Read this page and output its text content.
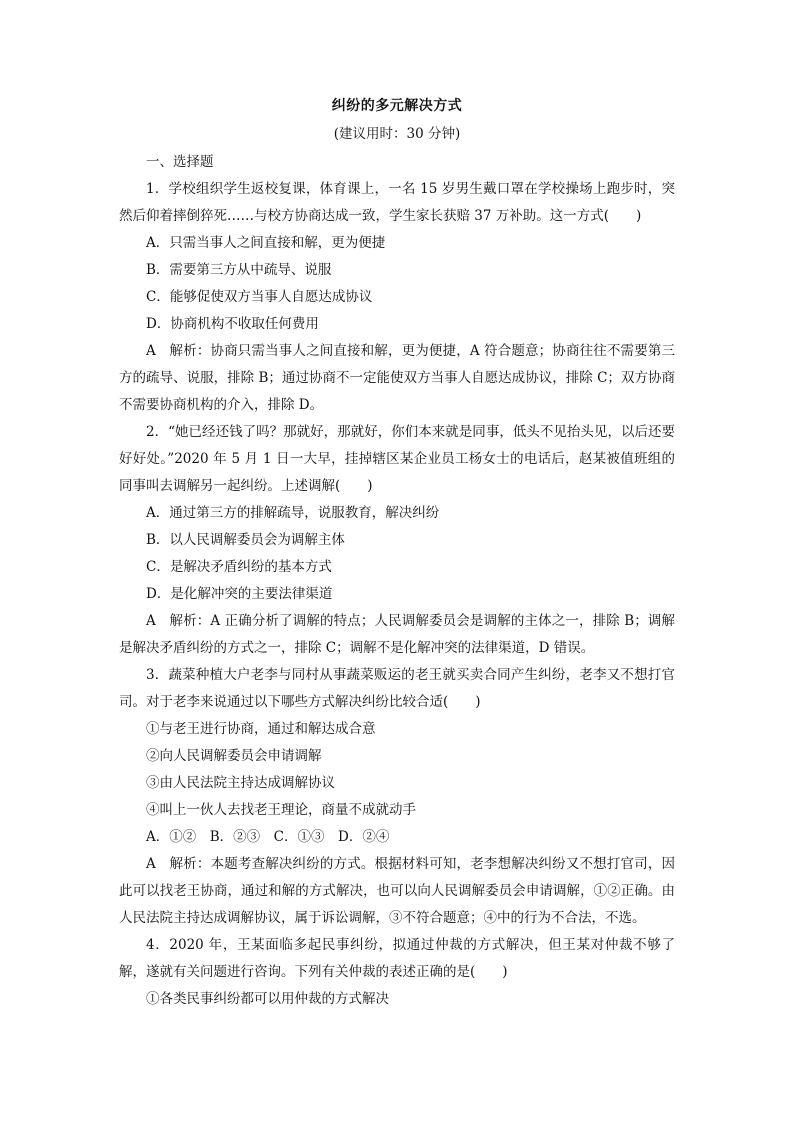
纠纷的多元解决方式
(建议用时：30 分钟)

一、选择题

1．学校组织学生返校复课，体育课上，一名 15 岁男生戴口罩在学校操场上跑步时，突然后仰着摔倒猝死……与校方协商达成一致，学生家长获赔 37 万补助。这一方式(　　)

A．只需当事人之间直接和解，更为便捷

B．需要第三方从中疏导、说服

C．能够促使双方当事人自愿达成协议

D．协商机构不收取任何费用

A　解析：协商只需当事人之间直接和解，更为便捷，A 符合题意；协商往往不需要第三方的疏导、说服，排除 B；通过协商不一定能使双方当事人自愿达成协议，排除 C；双方协商不需要协商机构的介入，排除 D。

2．“她已经还钱了吗？那就好，那就好，你们本来就是同事，低头不见抬头见，以后还要好好处。”2020 年 5 月 1 日一大早，挂掉辖区某企业员工杨女士的电话后，赵某被值班组的同事叫去调解另一起纠纷。上述调解(　　)

A．通过第三方的排解疏导，说服教育，解决纠纷

B．以人民调解委员会为调解主体

C．是解决矛盾纠纷的基本方式

D．是化解冲突的主要法律渠道

A　解析：A 正确分析了调解的特点；人民调解委员会是调解的主体之一，排除 B；调解是解决矛盾纠纷的方式之一，排除 C；调解不是化解冲突的法律渠道，D 错误。

3．蔬菜种植大户老李与同村从事蔬菜贩运的老王就买卖合同产生纠纷，老李又不想打官司。对于老李来说通过以下哪些方式解决纠纷比较合适(　　)

①与老王进行协商，通过和解达成合意

②向人民调解委员会申请调解

③由人民法院主持达成调解协议

④叫上一伙人去找老王理论，商量不成就动手

A．①②　B．②③　C．①③　D．②④

A　解析：本题考查解决纠纷的方式。根据材料可知，老李想解决纠纷又不想打官司，因此可以找老王协商，通过和解的方式解决，也可以向人民调解委员会申请调解，①②正确。由人民法院主持达成调解协议，属于诉讼调解，③不符合题意；④中的行为不合法，不选。

4．2020 年，王某面临多起民事纠纷，拟通过仲裁的方式解决，但王某对仲裁不够了解，遂就有关问题进行咨询。下列有关仲裁的表述正确的是(　　)

①各类民事纠纷都可以用仲裁的方式解决
